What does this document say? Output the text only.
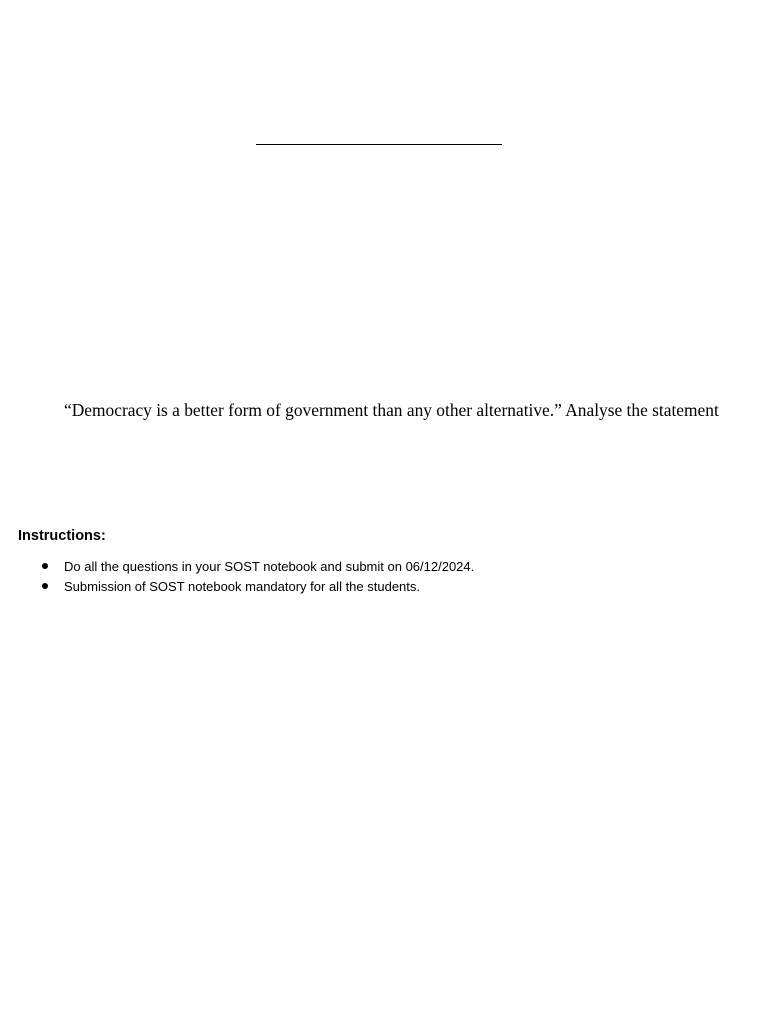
“Democracy is a better form of government than any other alternative.” Analyse the statement
Instructions:
Do all the questions in your SOST notebook and submit on 06/12/2024.
Submission of SOST notebook mandatory for all the students.
